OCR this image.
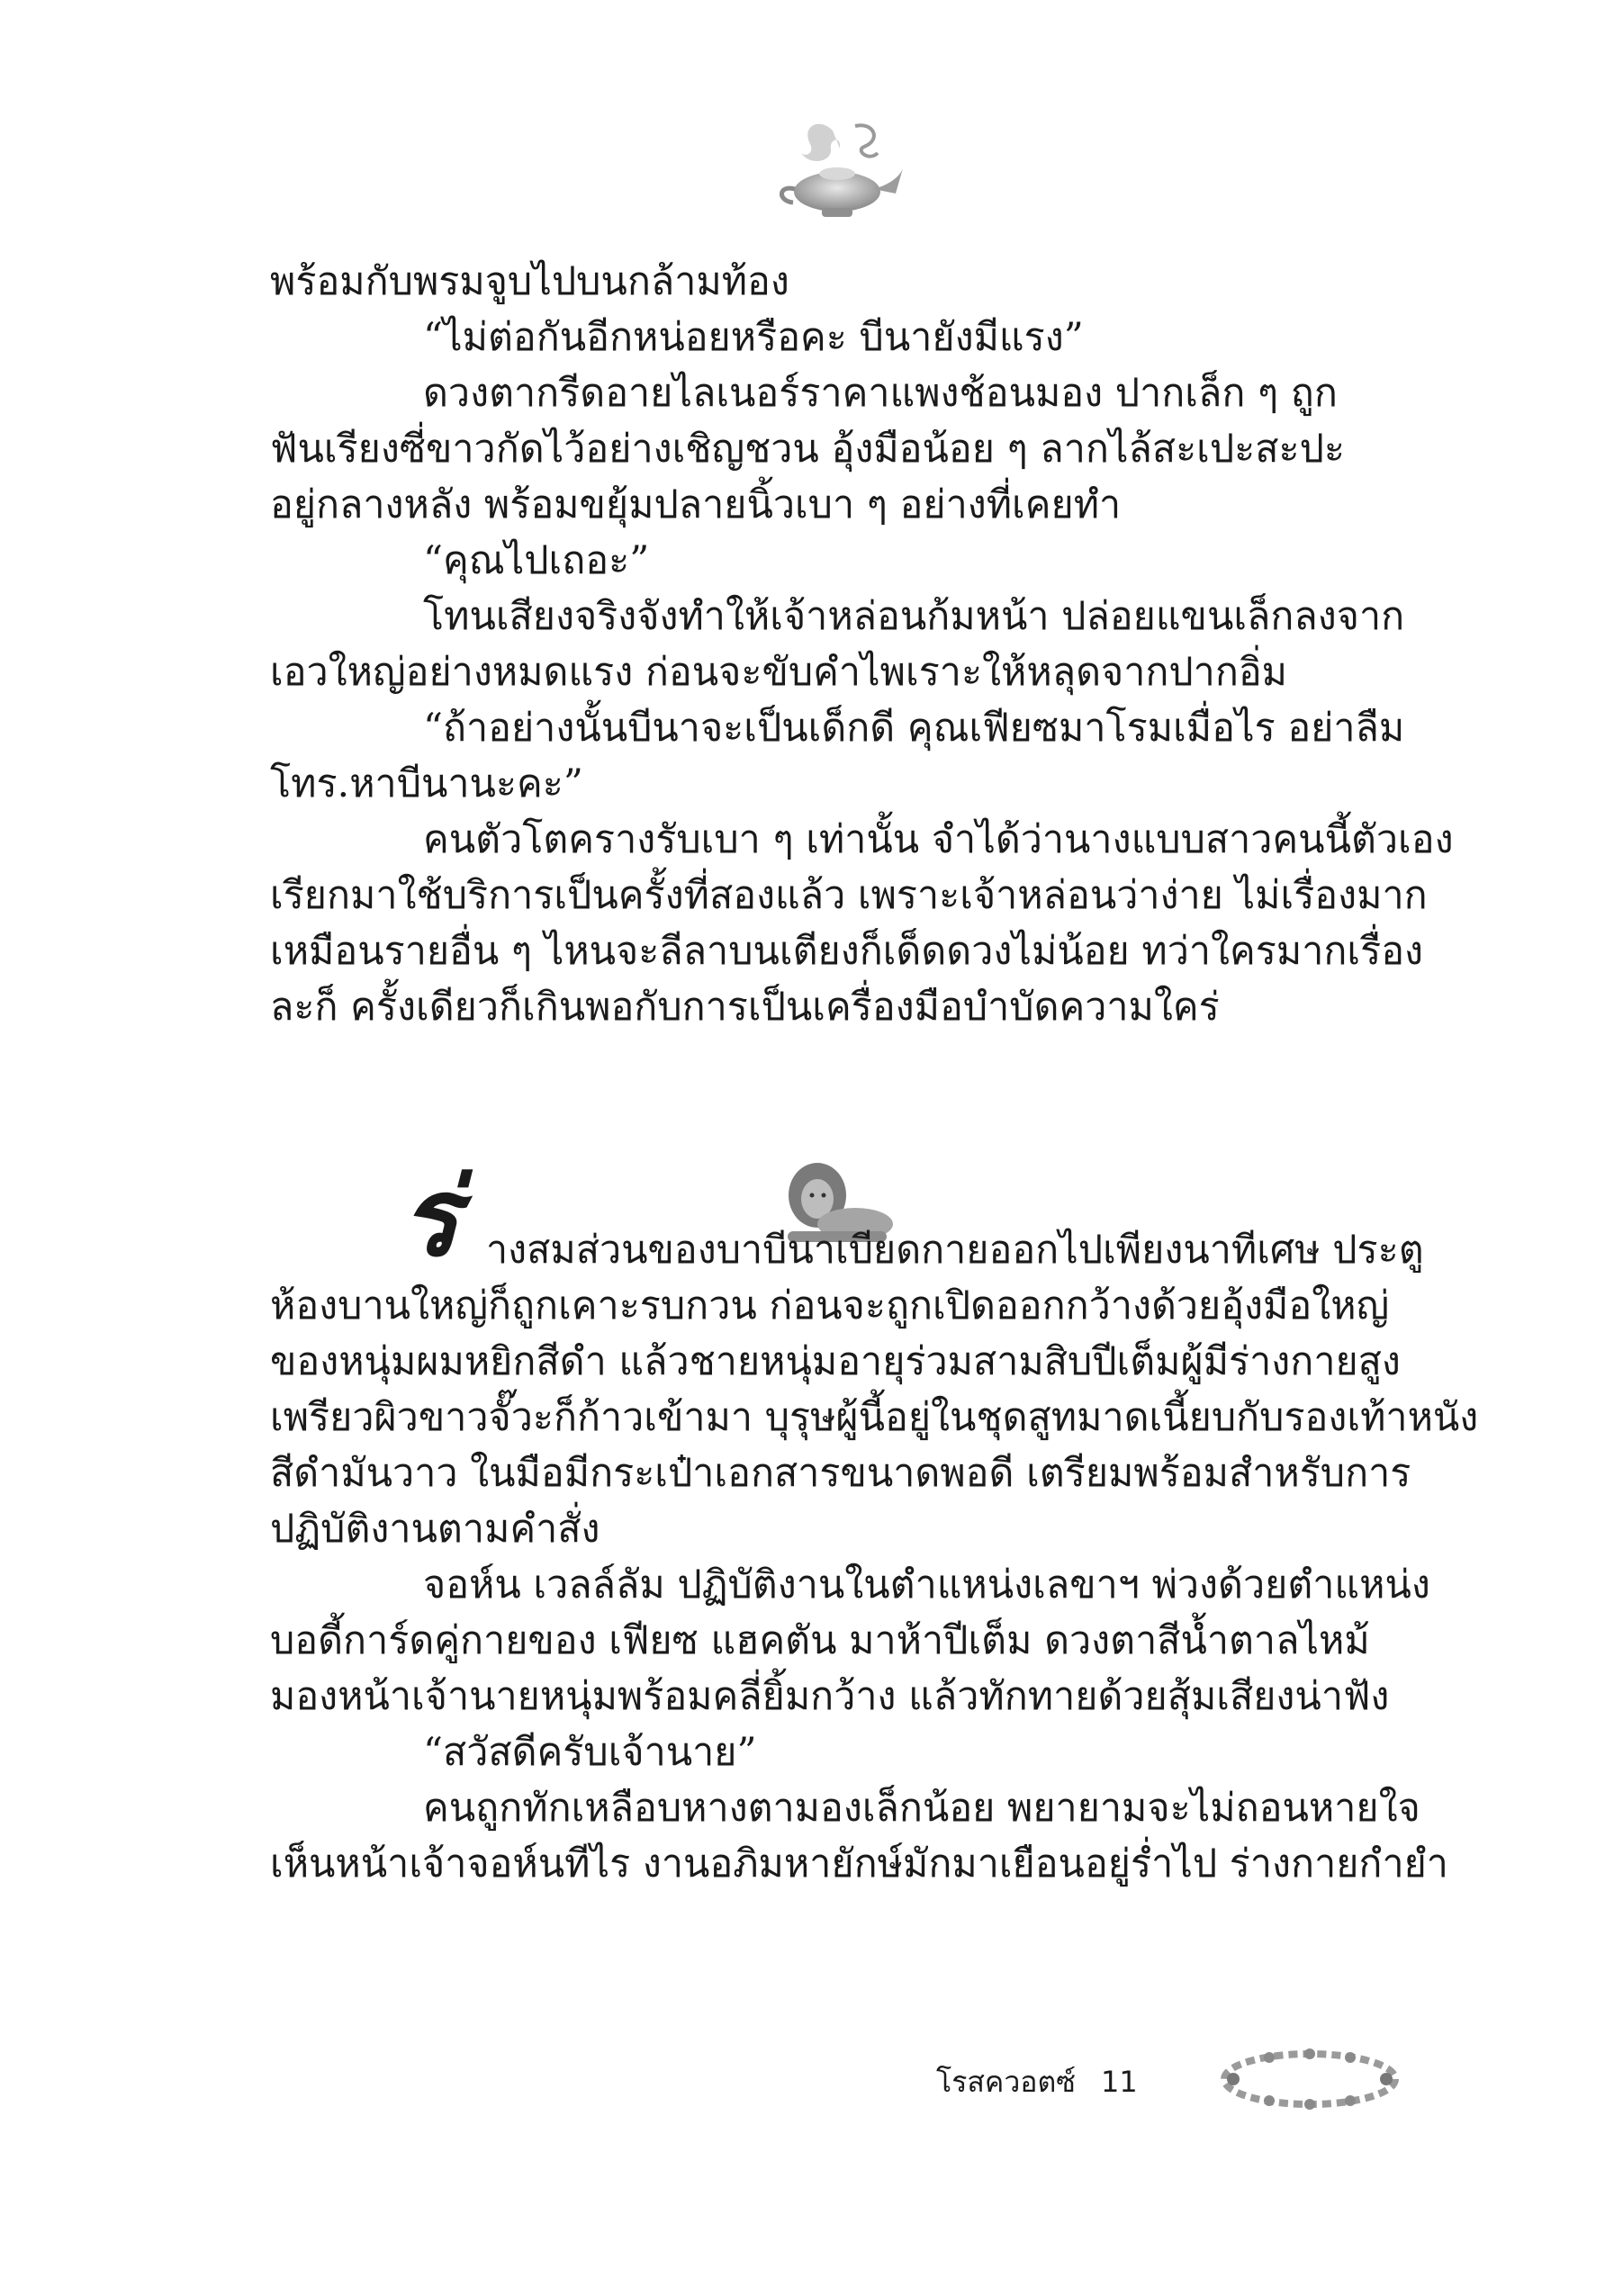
พร้อมกับพรมจูบไปบนกล้ามท้อง
“ไม่ต่อกันอีกหน่อยหรือคะ บีนายังมีแรง”
ดวงตากรีดอายไลเนอร์ราคาแพงช้อนมอง ปากเล็ก ๆ ถูก
ฟันเรียงซี่ขาวกัดไว้อย่างเชิญชวน อุ้งมือน้อย ๆ ลากไล้สะเปะสะปะ
อยู่กลางหลัง พร้อมขยุ้มปลายนิ้วเบา ๆ อย่างที่เคยทำ
“คุณไปเถอะ”
โทนเสียงจริงจังทำให้เจ้าหล่อนก้มหน้า ปล่อยแขนเล็กลงจาก
เอวใหญ่อย่างหมดแรง ก่อนจะขับคำไพเราะให้หลุดจากปากอิ่ม
“ถ้าอย่างนั้นบีนาจะเป็นเด็กดี คุณเฟียซมาโรมเมื่อไร อย่าลืม
โทร.หาบีนานะคะ”
คนตัวโตครางรับเบา ๆ เท่านั้น จำได้ว่านางแบบสาวคนนี้ตัวเอง
เรียกมาใช้บริการเป็นครั้งที่สองแล้ว เพราะเจ้าหล่อนว่าง่าย ไม่เรื่องมาก
เหมือนรายอื่น ๆ ไหนจะลีลาบนเตียงก็เด็ดดวงไม่น้อย ทว่าใครมากเรื่อง
ละก็ ครั้งเดียวก็เกินพอกับการเป็นเครื่องมือบำบัดความใคร่
ร่ างสมส่วนของบาบีนาเบียดกายออกไปเพียงนาทีเศษ ประตู
ห้องบานใหญ่ก็ถูกเคาะรบกวน ก่อนจะถูกเปิดออกกว้างด้วยอุ้งมือใหญ่
ของหนุ่มผมหยิกสีดำ แล้วชายหนุ่มอายุร่วมสามสิบปีเต็มผู้มีร่างกายสูง
เพรียวผิวขาวจั๊วะก็ก้าวเข้ามา บุรุษผู้นี้อยู่ในชุดสูทมาดเนี้ยบกับรองเท้าหนัง
สีดำมันวาว ในมือมีกระเป๋าเอกสารขนาดพอดี เตรียมพร้อมสำหรับการ
ปฏิบัติงานตามคำสั่ง
จอห์น เวลล์ลัม ปฏิบัติงานในตำแหน่งเลขาฯ พ่วงด้วยตำแหน่ง
บอดี้การ์ดคู่กายของ เฟียซ แฮคตัน มาห้าปีเต็ม ดวงตาสีน้ำตาลไหม้
มองหน้าเจ้านายหนุ่มพร้อมคลี่ยิ้มกว้าง แล้วทักทายด้วยสุ้มเสียงน่าฟัง
“สวัสดีครับเจ้านาย”
คนถูกทักเหลือบหางตามองเล็กน้อย พยายามจะไม่ถอนหายใจ
เห็นหน้าเจ้าจอห์นทีไร งานอภิมหายักษ์มักมาเยือนอยู่ร่ำไป ร่างกายกำยำ
โรสควอตซ์ 11
